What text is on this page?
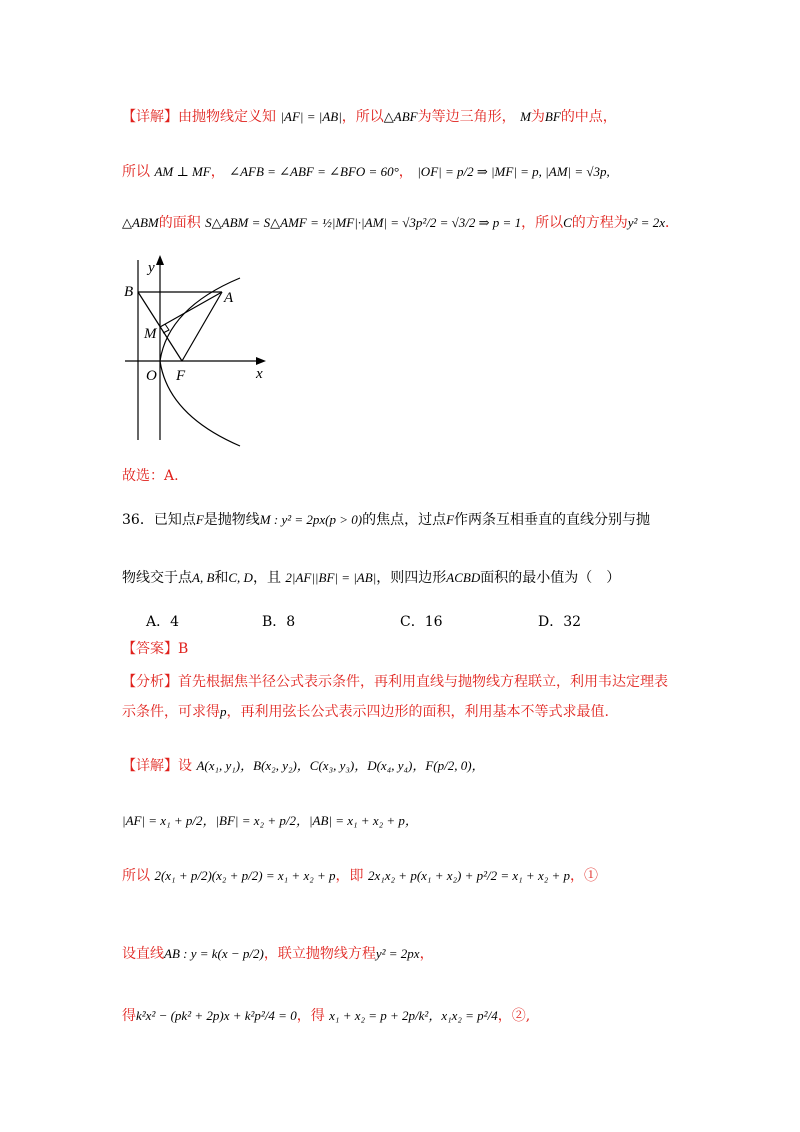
【详解】由抛物线定义知 |AF| = |AB|，所以△ABF为等边三角形， M为BF的中点，
所以 AM ⊥ MF， ∠AFB = ∠ABF = ∠BFO = 60°， |OF| = p/2 ⇒ |MF| = p, |AM| = √3p,
△ABM的面积 S△ABM = S△AMF = ½|MF|·|AM| = √3p²/2 = √3/2 ⇒ p = 1，所以C的方程为y² = 2x．
y
B	A
M
O F	x
故选：A.
36．已知点F是抛物线M : y² = 2px(p > 0)的焦点，过点F作两条互相垂直的直线分别与抛
物线交于点A, B和C, D，且 2|AF||BF| = |AB|，则四边形ACBD面积的最小值为（　）
A．4	B．8	C．16	D．32
【答案】B
【分析】首先根据焦半径公式表示条件，再利用直线与抛物线方程联立，利用韦达定理表
示条件，可求得p，再利用弦长公式表示四边形的面积，利用基本不等式求最值.
【详解】设 A(x₁, y₁)，B(x₂, y₂)，C(x₃, y₃)，D(x₄, y₄)，F(p/2, 0)，
|AF| = x₁ + p/2，|BF| = x₂ + p/2，|AB| = x₁ + x₂ + p，
所以 2(x₁ + p/2)(x₂ + p/2) = x₁ + x₂ + p，即 2x₁x₂ + p(x₁ + x₂) + p²/2 = x₁ + x₂ + p，①
设直线AB : y = k(x − p/2)，联立抛物线方程y² = 2px，
得k²x² − (pk² + 2p)x + k²p²/4 = 0，得 x₁ + x₂ = p + 2p/k²，x₁x₂ = p²/4，②,
